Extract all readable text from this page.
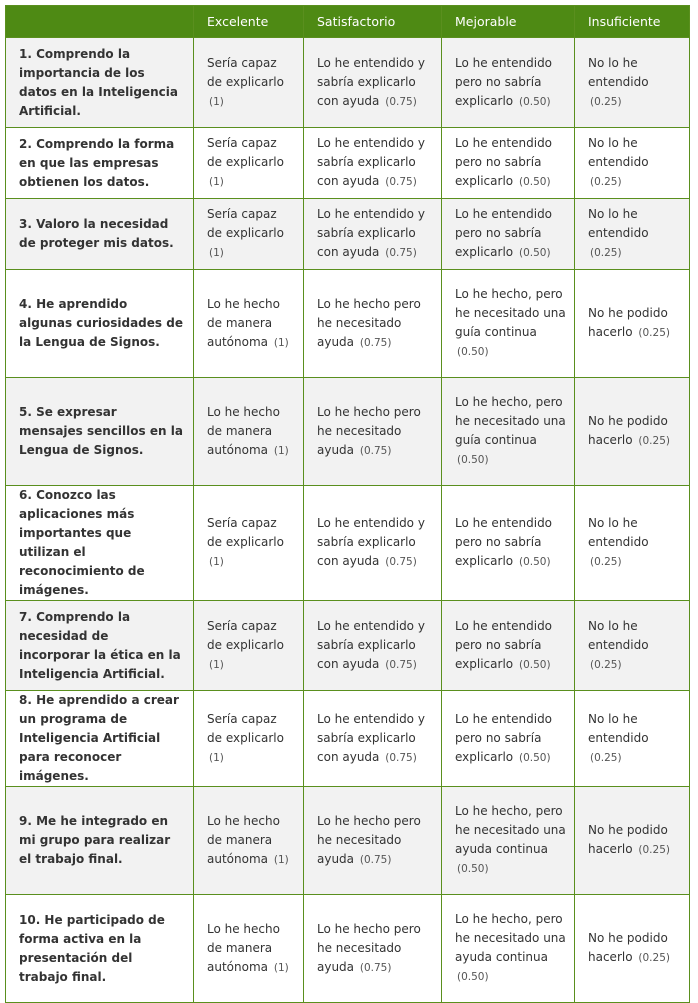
	Excelente	Satisfactorio	Mejorable	Insuficiente
1. Comprendo la importancia de los datos en la Inteligencia Artificial.	Sería capaz de explicarlo ( 1 )	Lo he entendido y sabría explicarlo con ayuda ( 0.75 )	Lo he entendido pero no sabría explicarlo ( 0.50 )	No lo he entendido ( 0.25 )
2. Comprendo la forma en que las empresas obtienen los datos.	Sería capaz de explicarlo ( 1 )	Lo he entendido y sabría explicarlo con ayuda ( 0.75 )	Lo he entendido pero no sabría explicarlo ( 0.50 )	No lo he entendido ( 0.25 )
3. Valoro la necesidad de proteger mis datos.	Sería capaz de explicarlo ( 1 )	Lo he entendido y sabría explicarlo con ayuda ( 0.75 )	Lo he entendido pero no sabría explicarlo ( 0.50 )	No lo he entendido ( 0.25 )
4. He aprendido algunas curiosidades de la Lengua de Signos.	Lo he hecho de manera autónoma ( 1 )	Lo he hecho pero he necesitado ayuda ( 0.75 )	Lo he hecho, pero he necesitado una guía continua ( 0.50 )	No he podido hacerlo ( 0.25 )
5. Se expresar mensajes sencillos en la Lengua de Signos.	Lo he hecho de manera autónoma ( 1 )	Lo he hecho pero he necesitado ayuda ( 0.75 )	Lo he hecho, pero he necesitado una guía continua ( 0.50 )	No he podido hacerlo ( 0.25 )
6. Conozco las aplicaciones más importantes que utilizan el reconocimiento de imágenes.	Sería capaz de explicarlo ( 1 )	Lo he entendido y sabría explicarlo con ayuda ( 0.75 )	Lo he entendido pero no sabría explicarlo ( 0.50 )	No lo he entendido ( 0.25 )
7. Comprendo la necesidad de incorporar la ética en la Inteligencia Artificial.	Sería capaz de explicarlo ( 1 )	Lo he entendido y sabría explicarlo con ayuda ( 0.75 )	Lo he entendido pero no sabría explicarlo ( 0.50 )	No lo he entendido ( 0.25 )
8. He aprendido a crear un programa de Inteligencia Artificial para reconocer imágenes.	Sería capaz de explicarlo ( 1 )	Lo he entendido y sabría explicarlo con ayuda ( 0.75 )	Lo he entendido pero no sabría explicarlo ( 0.50 )	No lo he entendido ( 0.25 )
9. Me he integrado en mi grupo para realizar el trabajo final.	Lo he hecho de manera autónoma ( 1 )	Lo he hecho pero he necesitado ayuda ( 0.75 )	Lo he hecho, pero he necesitado una ayuda continua ( 0.50 )	No he podido hacerlo ( 0.25 )
10. He participado de forma activa en la presentación del trabajo final.	Lo he hecho de manera autónoma ( 1 )	Lo he hecho pero he necesitado ayuda ( 0.75 )	Lo he hecho, pero he necesitado una ayuda continua ( 0.50 )	No he podido hacerlo ( 0.25 )
